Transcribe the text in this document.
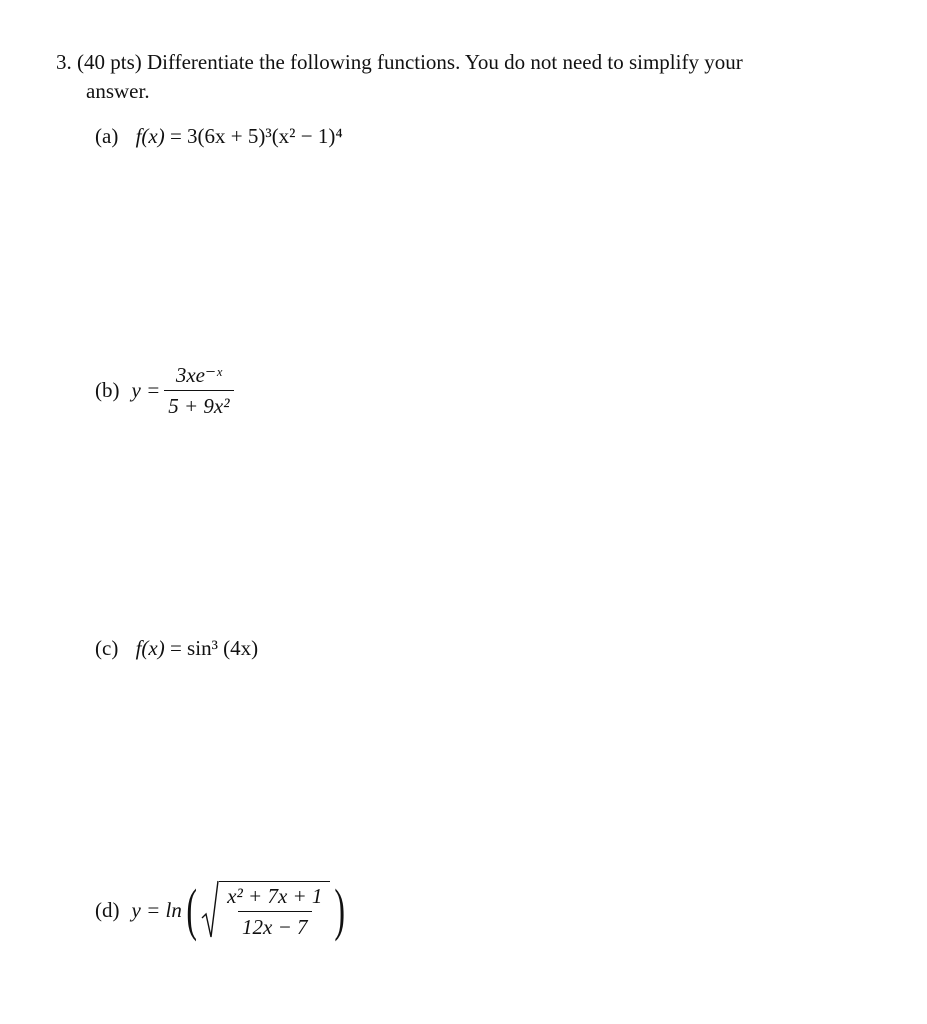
3. (40 pts) Differentiate the following functions. You do not need to simplify your
answer.
(a) f(x) = 3(6x + 5)³(x² − 1)⁴
(b) $y = \frac{\text{3xe⁻ˣ}}{\text{5 + 9x²}}$
(c) f(x) = sin³ (4x)
(d) y = ln ( $\frac{\text{x² + 7x + 1}}{12x - 7}$ )
